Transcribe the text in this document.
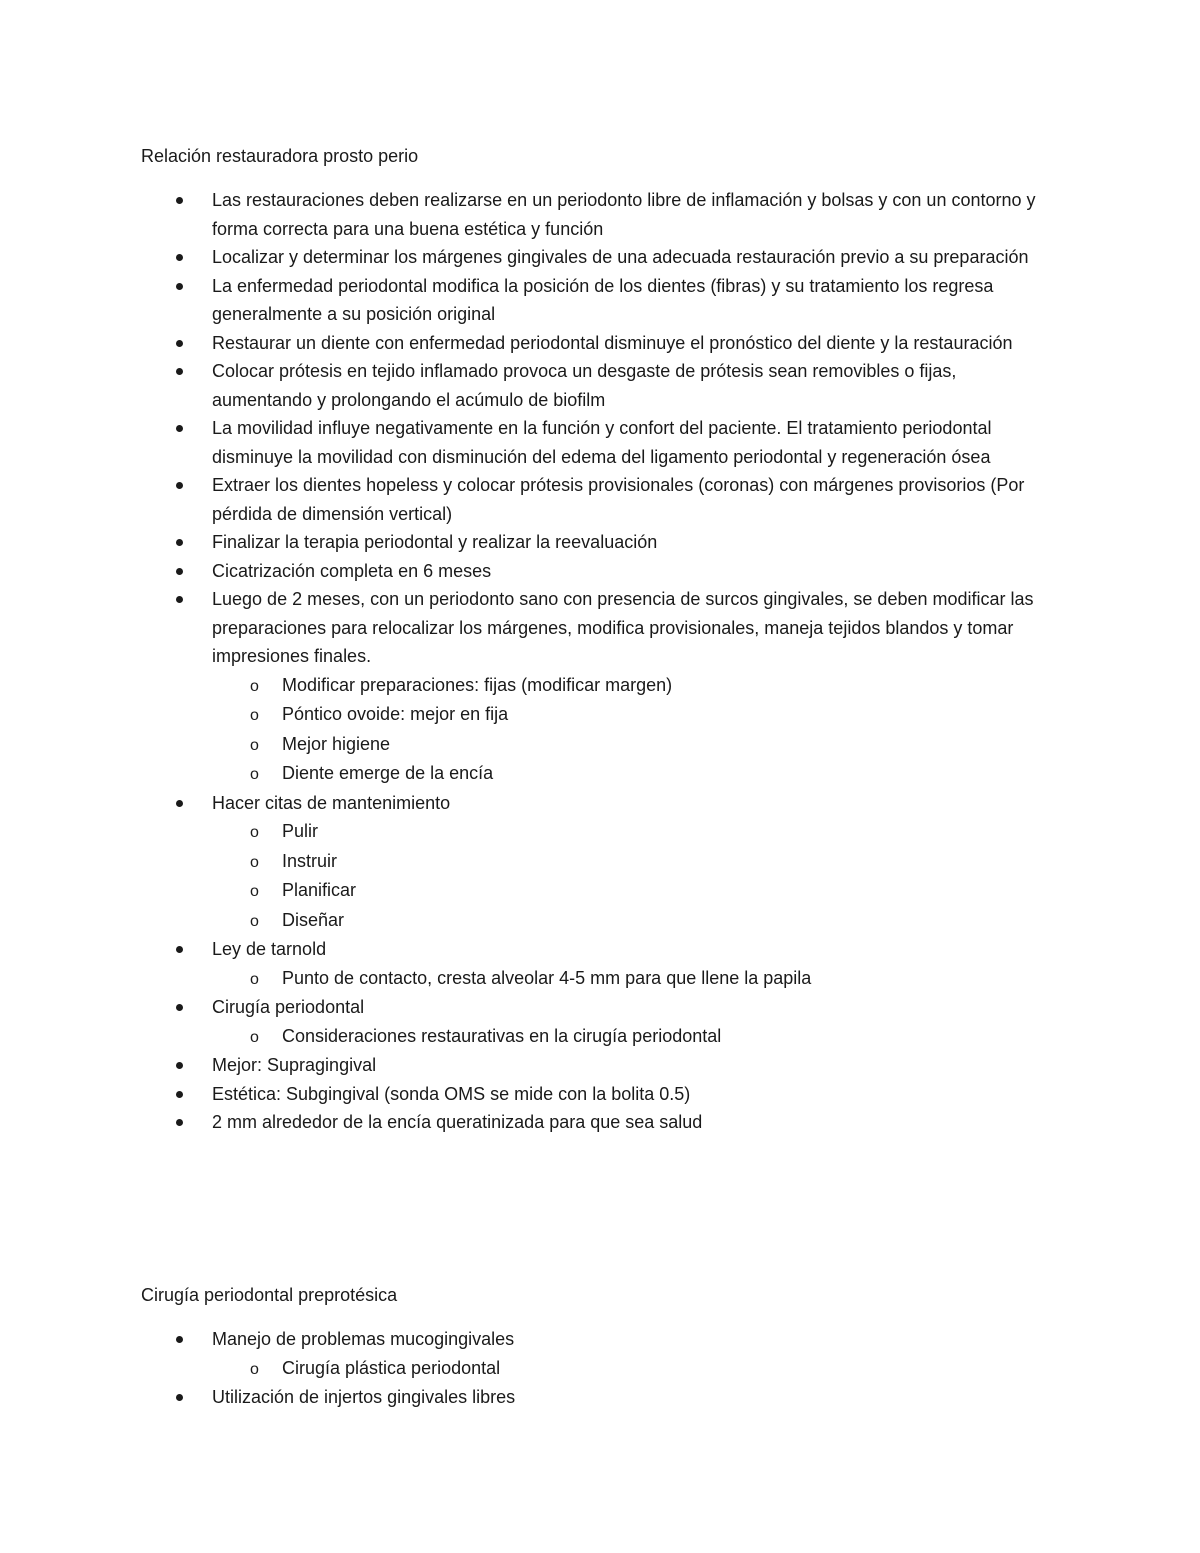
Relación restauradora prosto perio
Las restauraciones deben realizarse en un periodonto libre de inflamación y bolsas y con un contorno y forma correcta para una buena estética y función
Localizar y determinar los márgenes gingivales de una adecuada restauración previo a su preparación
La enfermedad periodontal modifica la posición de los dientes (fibras) y su tratamiento los regresa generalmente a su posición original
Restaurar un diente con enfermedad periodontal disminuye el pronóstico del diente y la restauración
Colocar prótesis en tejido inflamado provoca un desgaste de prótesis sean removibles o fijas, aumentando y prolongando el acúmulo de biofilm
La movilidad influye negativamente en la función y confort del paciente. El tratamiento periodontal disminuye la movilidad con disminución del edema del ligamento periodontal y regeneración ósea
Extraer los dientes hopeless y colocar prótesis provisionales (coronas) con márgenes provisorios (Por pérdida de dimensión vertical)
Finalizar la terapia periodontal y realizar la reevaluación
Cicatrización completa en 6 meses
Luego de 2 meses, con un periodonto sano con presencia de surcos gingivales, se deben modificar las preparaciones para relocalizar los márgenes, modifica provisionales, maneja tejidos blandos y tomar impresiones finales.
o Modificar preparaciones: fijas (modificar margen)
o Póntico ovoide: mejor en fija
o Mejor higiene
o Diente emerge de la encía
Hacer citas de mantenimiento
o Pulir
o Instruir
o Planificar
o Diseñar
Ley de tarnold
o Punto de contacto, cresta alveolar 4-5 mm para que llene la papila
Cirugía periodontal
o Consideraciones restaurativas en la cirugía periodontal
Mejor: Supragingival
Estética: Subgingival (sonda OMS se mide con la bolita 0.5)
2 mm alrededor de la encía queratinizada para que sea salud
Cirugía periodontal preprotésica
Manejo de problemas mucogingivales
o Cirugía plástica periodontal
Utilización de injertos gingivales libres
